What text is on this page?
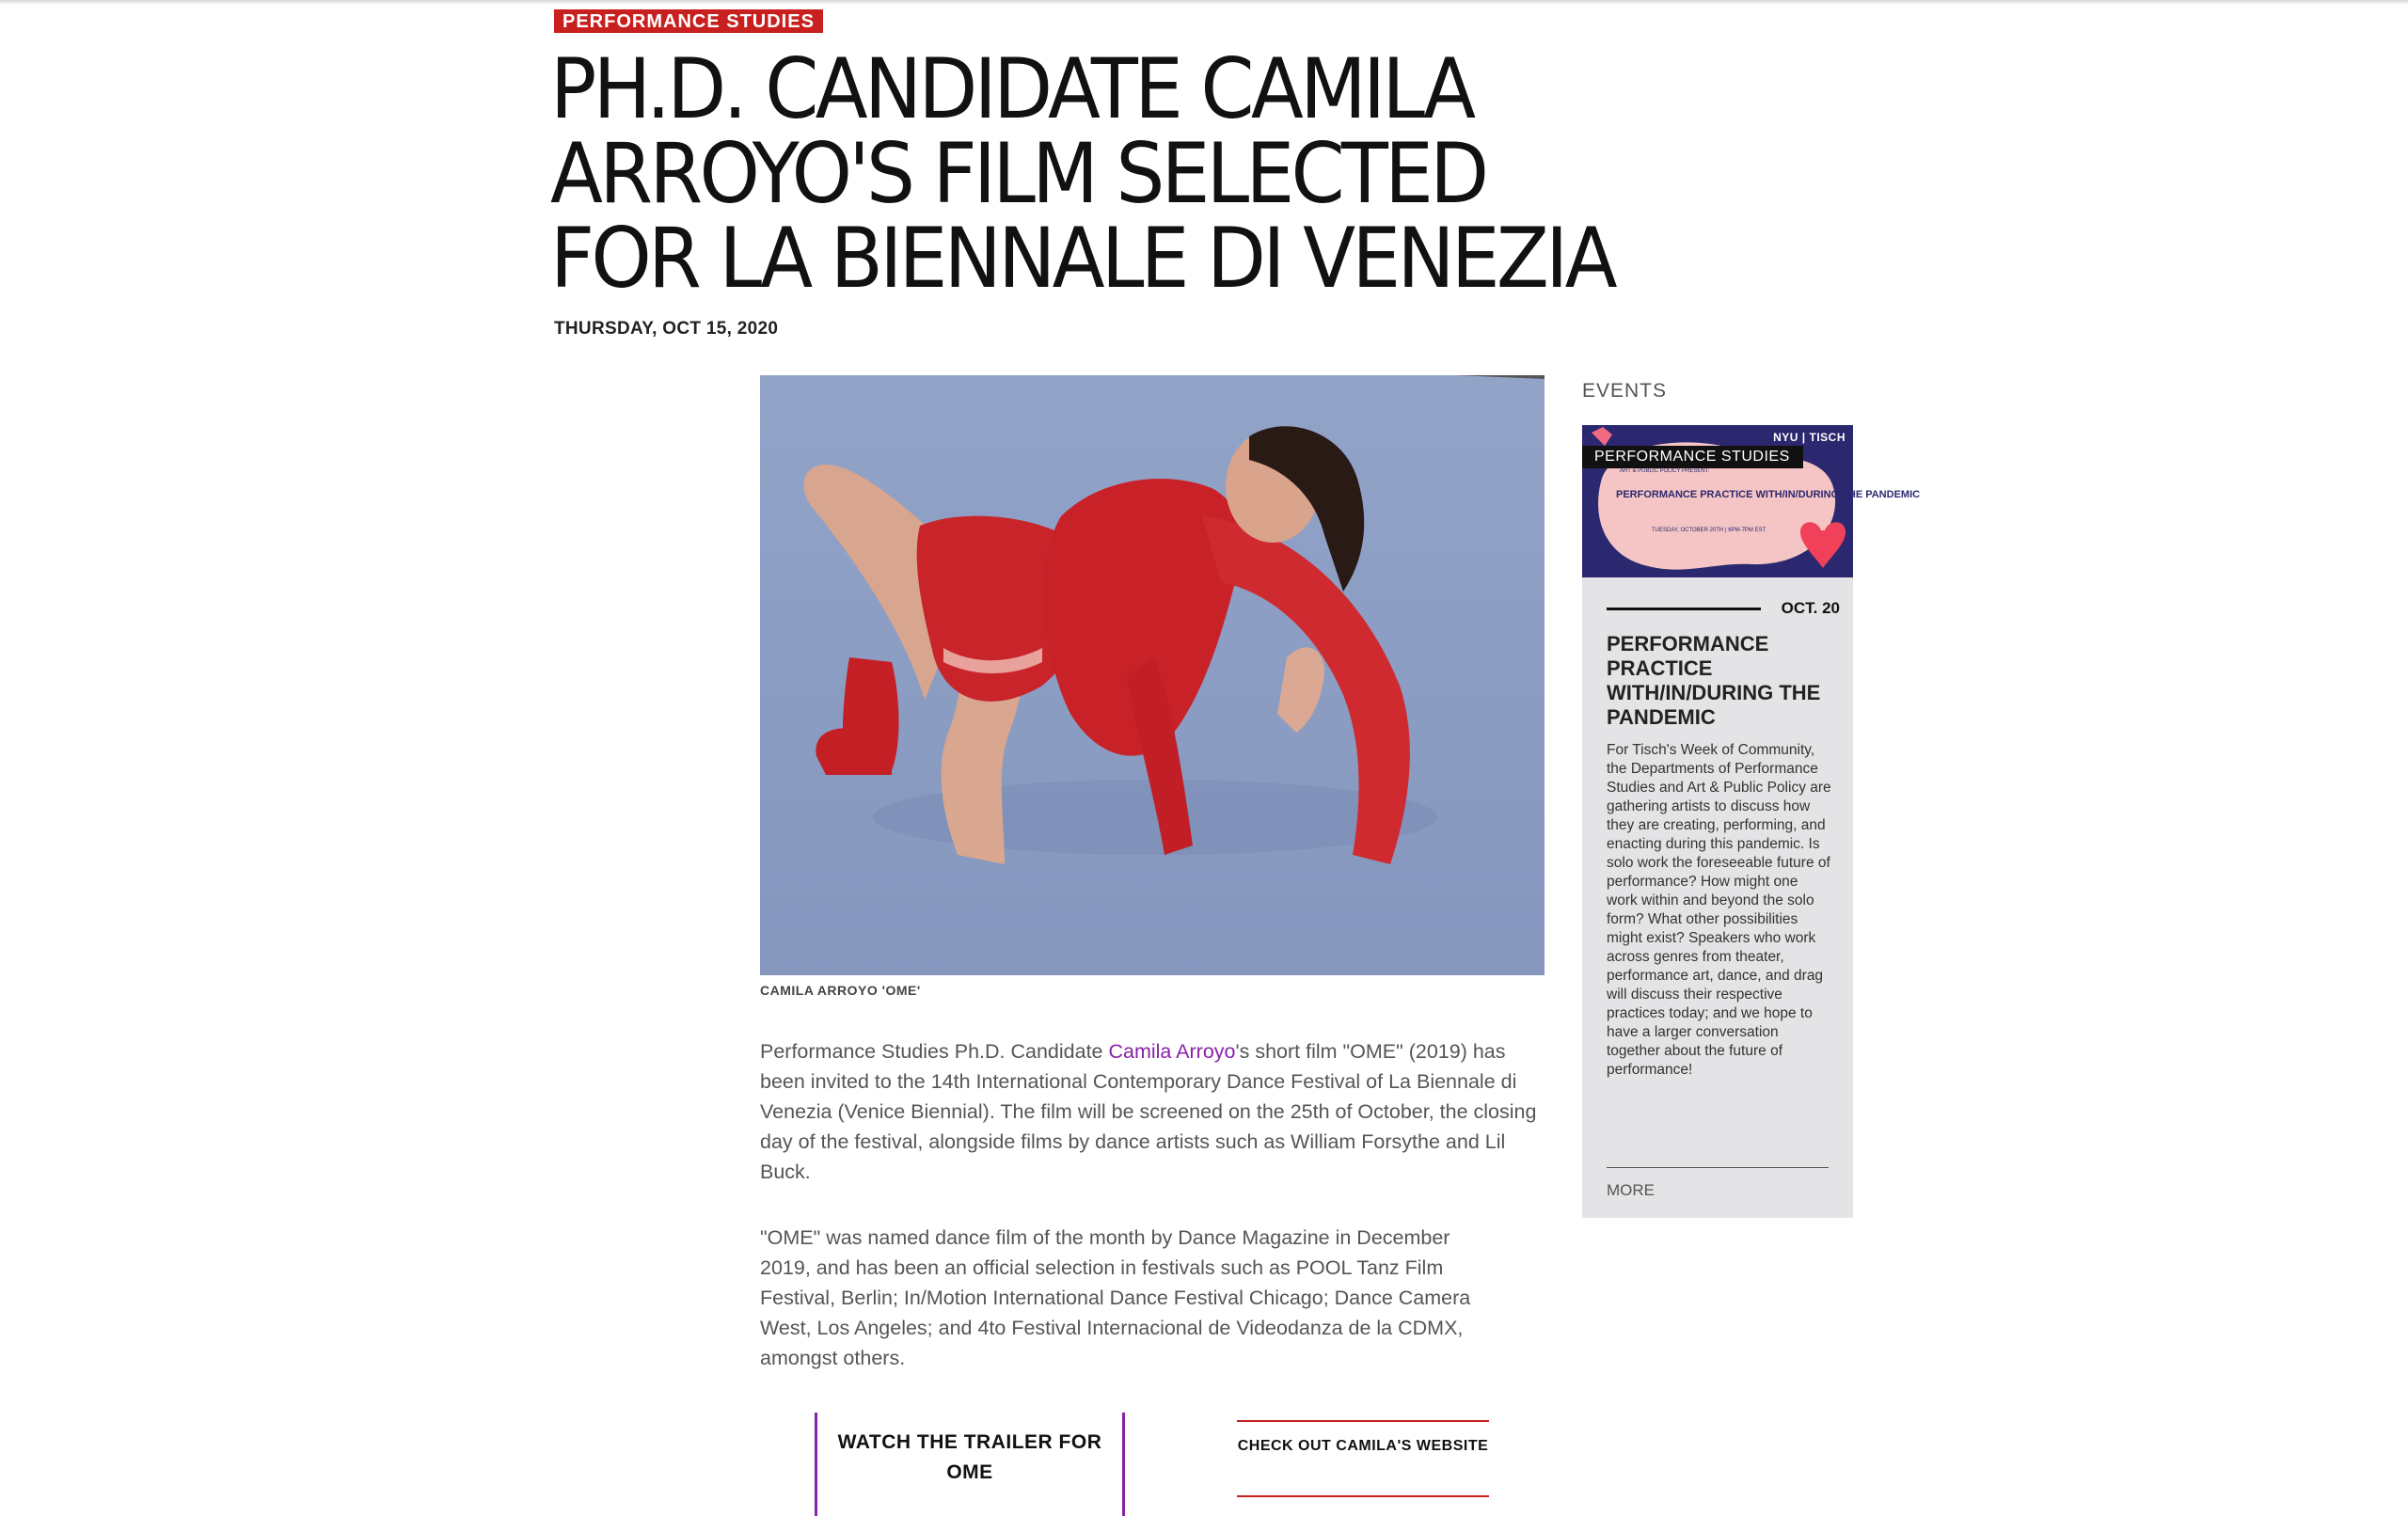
PERFORMANCE STUDIES
PH.D. CANDIDATE CAMILA ARROYO'S FILM SELECTED FOR LA BIENNALE DI VENEZIA
THURSDAY, OCT 15, 2020
CAMILA ARROYO 'OME'

Performance Studies Ph.D. Candidate Camila Arroyo's short film "OME" (2019) has been invited to the 14th International Contemporary Dance Festival of La Biennale di Venezia (Venice Biennial). The film will be screened on the 25th of October, the closing day of the festival, alongside films by dance artists such as William Forsythe and Lil Buck.

"OME" was named dance film of the month by Dance Magazine in December 2019, and has been an official selection in festivals such as POOL Tanz Film Festival, Berlin; In/Motion International Dance Festival Chicago; Dance Camera West, Los Angeles; and 4to Festival Internacional de Videodanza de la CDMX, amongst others.

WATCH THE TRAILER FOR OME
CHECK OUT CAMILA'S WEBSITE
EVENTS
ART & PUBLIC POLICY PRESENT:
PERFORMANCE PRACTICE WITH/IN/DURING THE PANDEMIC
TUESDAY, OCTOBER 20TH | 6PM-7PM EST
NYU | TISCH
PERFORMANCE STUDIES
OCT. 20
PERFORMANCE PRACTICE WITH/IN/DURING THE PANDEMIC

For Tisch's Week of Community, the Departments of Performance Studies and Art & Public Policy are gathering artists to discuss how they are creating, performing, and enacting during this pandemic. Is solo work the foreseeable future of performance? How might one work within and beyond the solo form? What other possibilities might exist? Speakers who work across genres from theater, performance art, dance, and drag will discuss their respective practices today; and we hope to have a larger conversation together about the future of performance!

MORE
